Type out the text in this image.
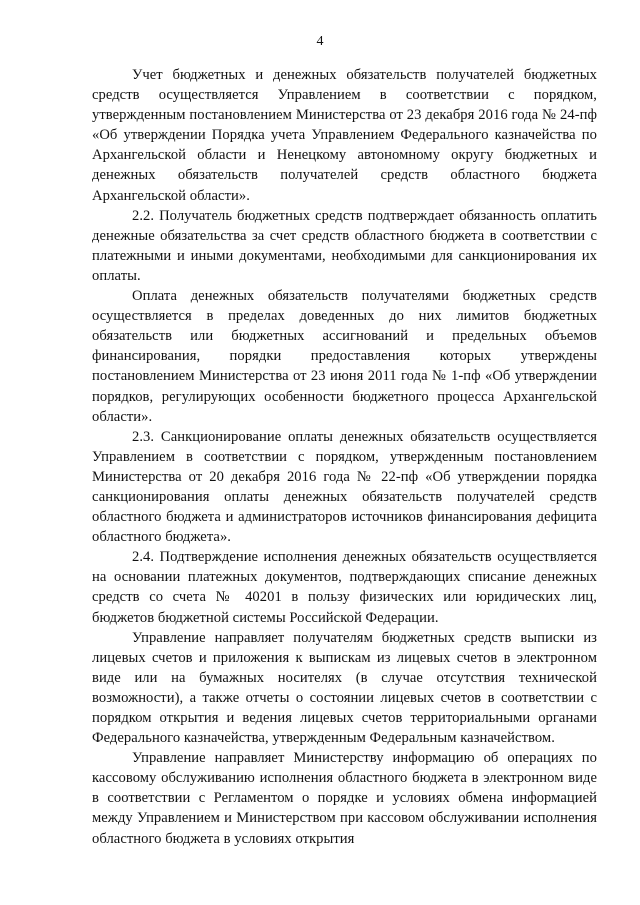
4

Учет бюджетных и денежных обязательств получателей бюджетных средств осуществляется Управлением в соответствии с порядком, утвержденным постановлением Министерства от 23 декабря 2016 года № 24-пф «Об утверждении Порядка учета Управлением Федерального казначейства по Архангельской области и Ненецкому автономному округу бюджетных и денежных обязательств получателей средств областного бюджета Архангельской области».

2.2. Получатель бюджетных средств подтверждает обязанность оплатить денежные обязательства за счет средств областного бюджета в соответствии с платежными и иными документами, необходимыми для санкционирования их оплаты.

Оплата денежных обязательств получателями бюджетных средств осуществляется в пределах доведенных до них лимитов бюджетных обязательств или бюджетных ассигнований и предельных объемов финансирования, порядки предоставления которых утверждены постановлением Министерства от 23 июня 2011 года № 1-пф «Об утверждении порядков, регулирующих особенности бюджетного процесса Архангельской области».

2.3. Санкционирование оплаты денежных обязательств осуществляется Управлением в соответствии с порядком, утвержденным постановлением Министерства от 20 декабря 2016 года № 22-пф «Об утверждении порядка санкционирования оплаты денежных обязательств получателей средств областного бюджета и администраторов источников финансирования дефицита областного бюджета».

2.4. Подтверждение исполнения денежных обязательств осуществляется на основании платежных документов, подтверждающих списание денежных средств со счета № 40201 в пользу физических или юридических лиц, бюджетов бюджетной системы Российской Федерации.

Управление направляет получателям бюджетных средств выписки из лицевых счетов и приложения к выпискам из лицевых счетов в электронном виде или на бумажных носителях (в случае отсутствия технической возможности), а также отчеты о состоянии лицевых счетов в соответствии с порядком открытия и ведения лицевых счетов территориальными органами Федерального казначейства, утвержденным Федеральным казначейством.

Управление направляет Министерству информацию об операциях по кассовому обслуживанию исполнения областного бюджета в электронном виде в соответствии с Регламентом о порядке и условиях обмена информацией между Управлением и Министерством при кассовом обслуживании исполнения областного бюджета в условиях открытия
